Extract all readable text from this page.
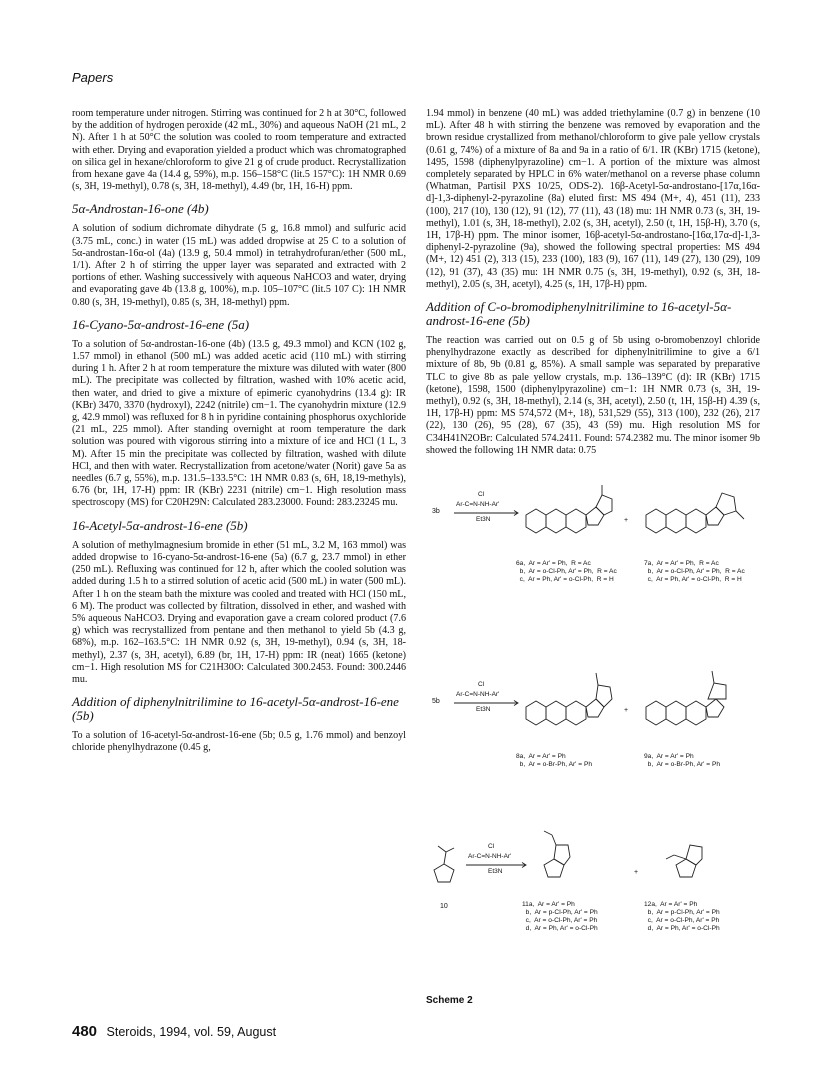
Papers

room temperature under nitrogen. Stirring was continued for 2 h at 30°C, followed by the addition of hydrogen peroxide (42 mL, 30%) and aqueous NaOH (21 mL, 2 N). After 1 h at 50°C the solution was cooled to room temperature and extracted with ether. Drying and evaporation yielded a product which was chromatographed on silica gel in hexane/chloroform to give 21 g of crude product. Recrystallization from hexane gave 4a (14.4 g, 59%), m.p. 156–158°C (lit.5 157°C): 1H NMR 0.69 (s, 3H, 19-methyl), 0.78 (s, 3H, 18-methyl), 4.49 (br, 1H, 16-H) ppm.

5α-Androstan-16-one (4b)

A solution of sodium dichromate dihydrate (5 g, 16.8 mmol) and sulfuric acid (3.75 mL, conc.) in water (15 mL) was added dropwise at 25 C to a solution of 5α-androstan-16α-ol (4a) (13.9 g, 50.4 mmol) in tetrahydrofuran/ether (500 mL, 1/1). After 2 h of stirring the upper layer was separated and extracted with 2 portions of ether. Washing successively with aqueous NaHCO3 and water, drying and evaporating gave 4b (13.8 g, 100%), m.p. 105–107°C (lit.5 107 C): 1H NMR 0.80 (s, 3H, 19-methyl), 0.85 (s, 3H, 18-methyl) ppm.

16-Cyano-5α-androst-16-ene (5a)

To a solution of 5α-androstan-16-one (4b) (13.5 g, 49.3 mmol) and KCN (102 g, 1.57 mmol) in ethanol (500 mL) was added acetic acid (110 mL) with stirring during 1 h. After 2 h at room temperature the mixture was diluted with water (800 mL). The precipitate was collected by filtration, washed with 10% acetic acid, then water, and dried to give a mixture of epimeric cyanohydrins (13.4 g): IR (KBr) 3470, 3370 (hydroxyl), 2242 (nitrile) cm−1. The cyanohydrin mixture (12.9 g, 42.9 mmol) was refluxed for 8 h in pyridine containing phosphorus oxychloride (21 mL, 225 mmol). After standing overnight at room temperature the dark solution was poured with vigorous stirring into a mixture of ice and HCl (1 L, 3 M). After 15 min the precipitate was collected by filtration, washed with dilute HCl, and then with water. Recrystallization from acetone/water (Norit) gave 5a as needles (6.7 g, 55%), m.p. 131.5–133.5°C: 1H NMR 0.83 (s, 6H, 18,19-methyls), 6.76 (br, 1H, 17-H) ppm: IR (KBr) 2231 (nitrile) cm−1. High resolution mass spectroscopy (MS) for C20H29N: Calculated 283.23000. Found: 283.23245 mu.

16-Acetyl-5α-androst-16-ene (5b)

A solution of methylmagnesium bromide in ether (51 mL, 3.2 M, 163 mmol) was added dropwise to 16-cyano-5α-androst-16-ene (5a) (6.7 g, 23.7 mmol) in ether (250 mL). Refluxing was continued for 12 h, after which the cooled solution was added during 1.5 h to a stirred solution of acetic acid (500 mL) in water (500 mL). After 1 h on the steam bath the mixture was cooled and treated with HCl (150 mL, 6 M). The product was collected by filtration, dissolved in ether, and washed with 5% aqueous NaHCO3. Drying and evaporation gave a cream colored product (7.6 g) which was recrystallized from pentane and then methanol to yield 5b (4.3 g, 68%), m.p. 162–163.5°C: 1H NMR 0.92 (s, 3H, 19-methyl), 0.94 (s, 3H, 18-methyl), 2.37 (s, 3H, acetyl), 6.89 (br, 1H, 17-H) ppm: IR (neat) 1665 (ketone) cm−1. High resolution MS for C21H30O: Calculated 300.2453. Found: 300.2446 mu.

Addition of diphenylnitrilimine to 16-acetyl-5α-androst-16-ene (5b)

To a solution of 16-acetyl-5α-androst-16-ene (5b; 0.5 g, 1.76 mmol) and benzoyl chloride phenylhydrazone (0.45 g,

1.94 mmol) in benzene (40 mL) was added triethylamine (0.7 g) in benzene (10 mL). After 48 h with stirring the benzene was removed by evaporation and the brown residue crystallized from methanol/chloroform to give pale yellow crystals (0.61 g, 74%) of a mixture of 8a and 9a in a ratio of 6/1. IR (KBr) 1715 (ketone), 1495, 1598 (diphenylpyrazoline) cm−1. A portion of the mixture was almost completely separated by HPLC in 6% water/methanol on a reverse phase column (Whatman, Partisil PXS 10/25, ODS-2). 16β-Acetyl-5α-androstano-[17α,16α-d]-1,3-diphenyl-2-pyrazoline (8a) eluted first: MS 494 (M+, 4), 451 (11), 233 (100), 217 (10), 130 (12), 91 (12), 77 (11), 43 (18) mu: 1H NMR 0.73 (s, 3H, 19-methyl), 1.01 (s, 3H, 18-methyl), 2.02 (s, 3H, acetyl), 2.50 (t, 1H, 15β-H), 3.70 (s, 1H, 17β-H) ppm. The minor isomer, 16β-acetyl-5α-androstano-[16α,17α-d]-1,3-diphenyl-2-pyrazoline (9a), showed the following spectral properties: MS 494 (M+, 12) 451 (2), 313 (15), 233 (100), 183 (9), 167 (11), 149 (27), 130 (29), 109 (12), 91 (37), 43 (35) mu: 1H NMR 0.75 (s, 3H, 19-methyl), 0.92 (s, 3H, 18-methyl), 2.05 (s, 3H, acetyl), 4.25 (s, 1H, 17β-H) ppm.

Addition of C-o-bromodiphenylnitrilimine to 16-acetyl-5α-androst-16-ene (5b)

The reaction was carried out on 0.5 g of 5b using o-bromobenzoyl chloride phenylhydrazone exactly as described for diphenylnitrilimine to give a 6/1 mixture of 8b, 9b (0.81 g, 85%). A small sample was separated by preparative TLC to give 8b as pale yellow crystals, m.p. 136–139°C (d): IR (KBr) 1715 (ketone), 1598, 1500 (diphenylpyrazoline) cm−1: 1H NMR 0.73 (s, 3H, 19-methyl), 0.92 (s, 3H, 18-methyl), 2.14 (s, 3H, acetyl), 2.50 (t, 1H, 15β-H) 4.39 (s, 1H, 17β-H) ppm: MS 574,572 (M+, 18), 531,529 (55), 313 (100), 232 (26), 217 (22), 130 (26), 95 (28), 67 (35), 43 (59) mu. High resolution MS for C34H41N2OBr: Calculated 574.2411. Found: 574.2382 mu. The minor isomer 9b showed the following 1H NMR data: 0.75

Cl
Ar-C=N-NH-Ar'
Et3N
3b
+
6a,  Ar = Ar' = Ph,  R = Ac
b,  Ar = o-Cl-Ph, Ar' = Ph,  R = Ac
c,  Ar = Ph, Ar' = o-Cl-Ph,  R = H
7a,  Ar = Ar' = Ph,  R = Ac
b,  Ar = o-Cl-Ph, Ar' = Ph,  R = Ac
c,  Ar = Ph, Ar' = o-Cl-Ph,  R = H
Cl
Ar-C=N-NH-Ar'
Et3N
5b
+
8a,  Ar = Ar' = Ph
b,  Ar = o-Br-Ph, Ar' = Ph
9a,  Ar = Ar' = Ph
b,  Ar = o-Br-Ph, Ar' = Ph
Cl
Ar-C=N-NH-Ar'
Et3N
10
+
11a,  Ar = Ar' = Ph
b,  Ar = p-Cl-Ph, Ar' = Ph
c,  Ar = o-Cl-Ph, Ar' = Ph
d,  Ar = Ph, Ar' = o-Cl-Ph
12a,  Ar = Ar' = Ph
b,  Ar = p-Cl-Ph, Ar' = Ph
c,  Ar = o-Cl-Ph, Ar' = Ph
d,  Ar = Ph, Ar' = o-Cl-Ph
Scheme 2
480 Steroids, 1994, vol. 59, August
